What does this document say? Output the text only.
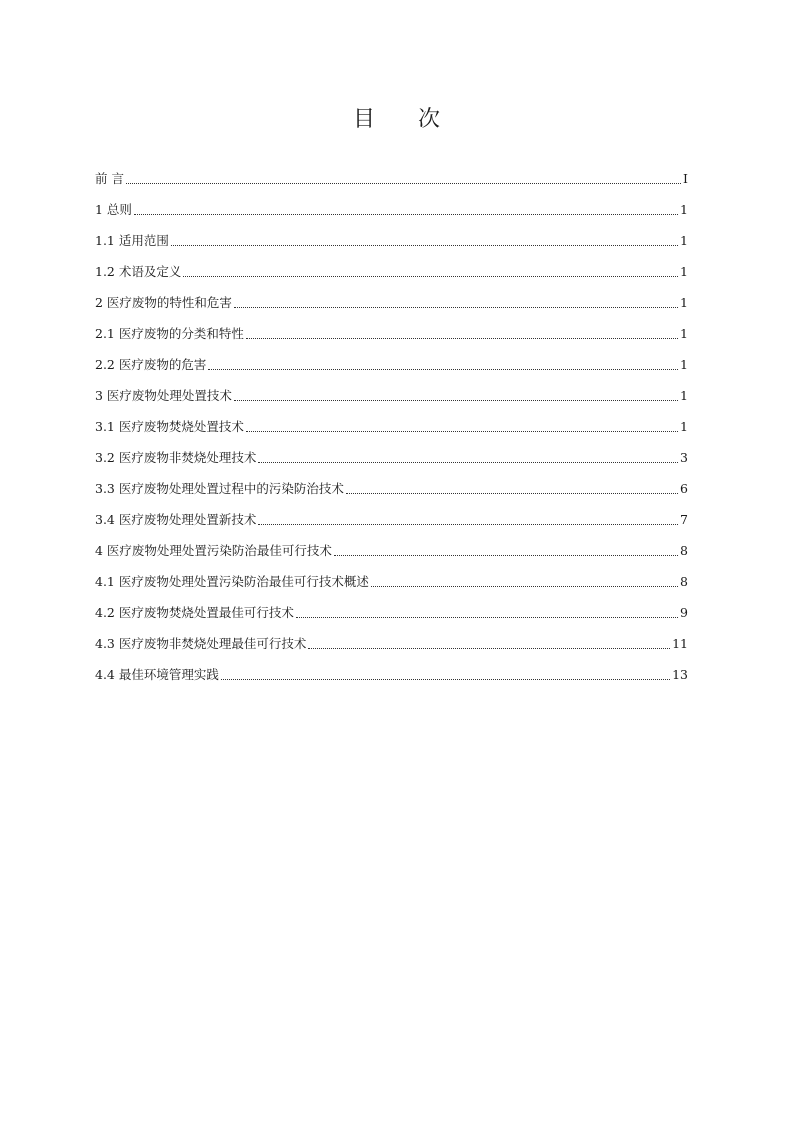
目 次
前 言	I
1 总则	1
1.1 适用范围	1
1.2 术语及定义	1
2 医疗废物的特性和危害	1
2.1 医疗废物的分类和特性	1
2.2 医疗废物的危害	1
3 医疗废物处理处置技术	1
3.1 医疗废物焚烧处置技术	1
3.2 医疗废物非焚烧处理技术	3
3.3 医疗废物处理处置过程中的污染防治技术	6
3.4 医疗废物处理处置新技术	7
4 医疗废物处理处置污染防治最佳可行技术	8
4.1 医疗废物处理处置污染防治最佳可行技术概述	8
4.2 医疗废物焚烧处置最佳可行技术	9
4.3 医疗废物非焚烧处理最佳可行技术	11
4.4 最佳环境管理实践	13
